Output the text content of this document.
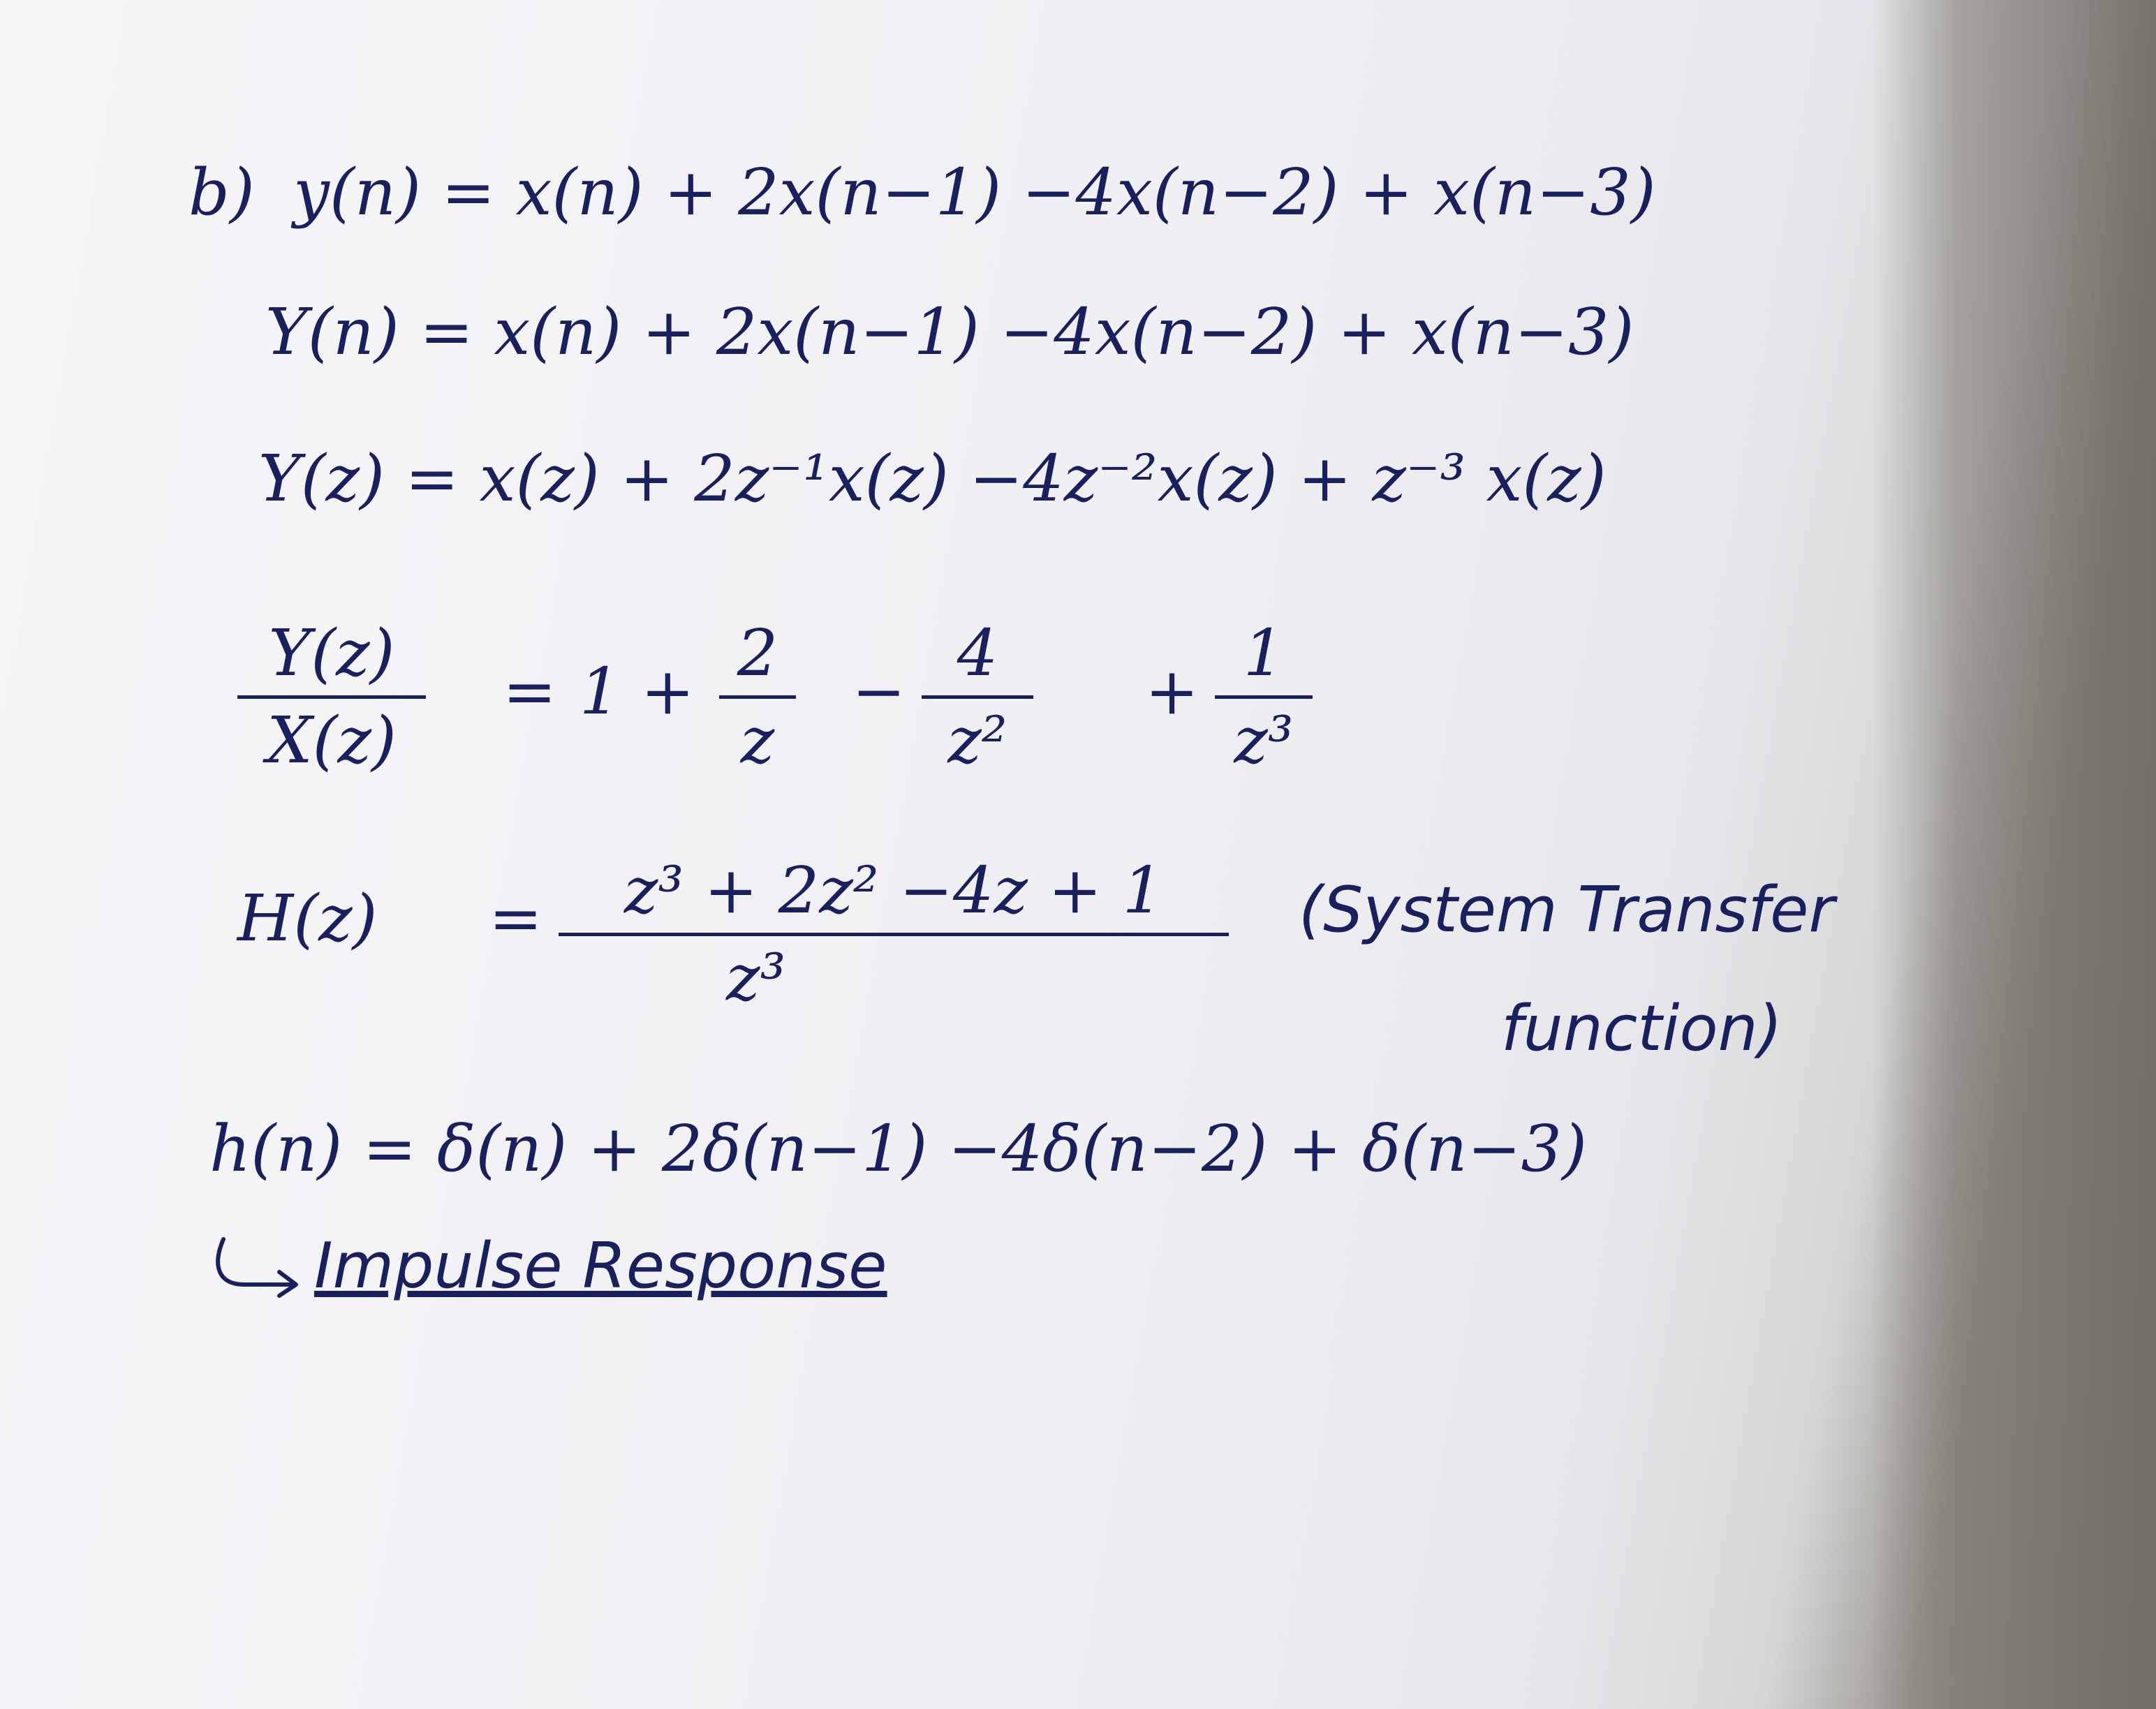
b) y(n) = x(n) + 2x(n−1) −4x(n−2) + x(n−3)
Y(n) = x(n) + 2x(n−1) −4x(n−2) + x(n−3)
Y(z) = x(z) + 2z⁻¹x(z) −4z⁻²x(z) + z⁻³ x(z)
Y(z)
X(z)
= 1 +
2
z
−
4
z²
+
1
z³
H(z) =	z³ + 2z² −4z + 1
z³
(System Transfer
function)
h(n) = δ(n) + 2δ(n−1) −4δ(n−2) + δ(n−3)
Impulse Response
